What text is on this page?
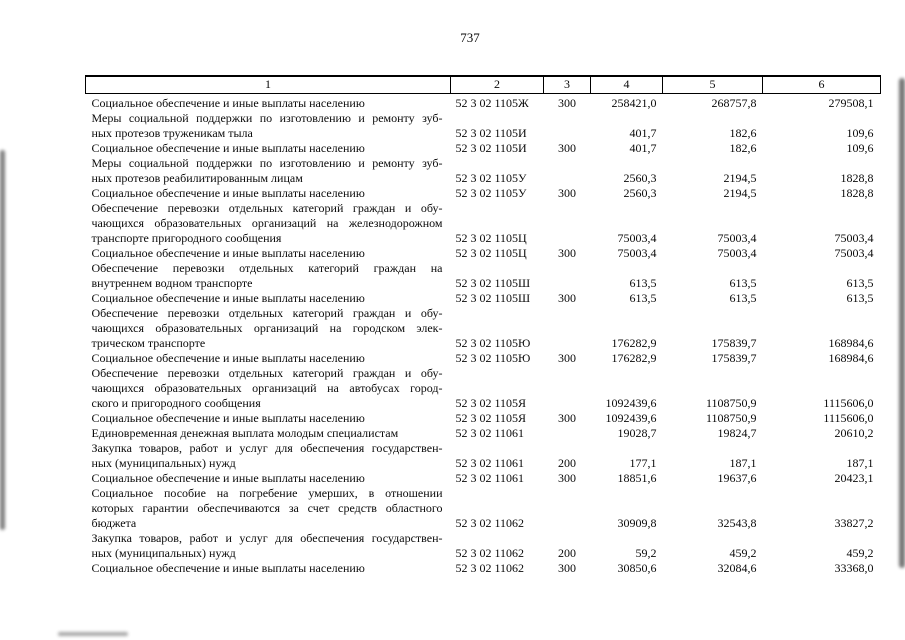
737
1	2	3	4	5	6

Социальное обеспечение и иные выплаты населению	52 3 02 1105Ж	300	258421,0	268757,8	279508,1

Меры социальной поддержки по изготовлению и ремонту зуб-
ных протезов труженикам тыла	52 3 02 1105И		401,7	182,6	109,6

Социальное обеспечение и иные выплаты населению	52 3 02 1105И	300	401,7	182,6	109,6

Меры социальной поддержки по изготовлению и ремонту зуб-
ных протезов реабилитированным лицам	52 3 02 1105У		2560,3	2194,5	1828,8

Социальное обеспечение и иные выплаты населению	52 3 02 1105У	300	2560,3	2194,5	1828,8

Обеспечение перевозки отдельных категорий граждан и обу-
чающихся образовательных организаций на железнодорожном
транспорте пригородного сообщения	52 3 02 1105Ц		75003,4	75003,4	75003,4

Социальное обеспечение и иные выплаты населению	52 3 02 1105Ц	300	75003,4	75003,4	75003,4

Обеспечение перевозки отдельных категорий граждан на
внутреннем водном транспорте	52 3 02 1105Ш		613,5	613,5	613,5

Социальное обеспечение и иные выплаты населению	52 3 02 1105Ш	300	613,5	613,5	613,5

Обеспечение перевозки отдельных категорий граждан и обу-
чающихся образовательных организаций на городском элек-
трическом транспорте	52 3 02 1105Ю		176282,9	175839,7	168984,6

Социальное обеспечение и иные выплаты населению	52 3 02 1105Ю	300	176282,9	175839,7	168984,6

Обеспечение перевозки отдельных категорий граждан и обу-
чающихся образовательных организаций на автобусах город-
ского и пригородного сообщения	52 3 02 1105Я		1092439,6	1108750,9	1115606,0

Социальное обеспечение и иные выплаты населению	52 3 02 1105Я	300	1092439,6	1108750,9	1115606,0

Единовременная денежная выплата молодым специалистам	52 3 02 11061		19028,7	19824,7	20610,2

Закупка товаров, работ и услуг для обеспечения государствен-
ных (муниципальных) нужд	52 3 02 11061	200	177,1	187,1	187,1

Социальное обеспечение и иные выплаты населению	52 3 02 11061	300	18851,6	19637,6	20423,1

Социальное пособие на погребение умерших, в отношении
которых гарантии обеспечиваются за счет средств областного
бюджета	52 3 02 11062		30909,8	32543,8	33827,2

Закупка товаров, работ и услуг для обеспечения государствен-
ных (муниципальных) нужд	52 3 02 11062	200	59,2	459,2	459,2

Социальное обеспечение и иные выплаты населению	52 3 02 11062	300	30850,6	32084,6	33368,0
